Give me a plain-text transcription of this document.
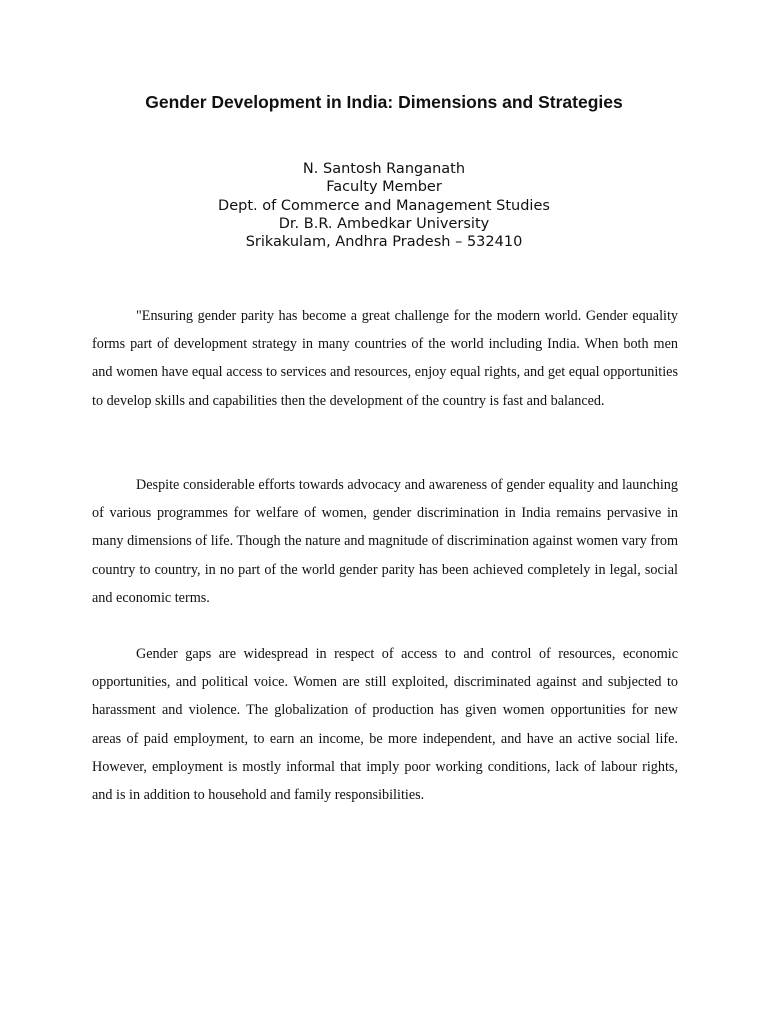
Gender Development in India: Dimensions and Strategies
N. Santosh Ranganath
Faculty Member
Dept. of Commerce and Management Studies
Dr. B.R. Ambedkar University
Srikakulam, Andhra Pradesh – 532410

"Ensuring gender parity has become a great challenge for the modern world. Gender equality forms part of development strategy in many countries of the world including India. When both men and women have equal access to services and resources, enjoy equal rights, and get equal opportunities to develop skills and capabilities then the development of the country is fast and balanced.

Despite considerable efforts towards advocacy and awareness of gender equality and launching of various programmes for welfare of women, gender discrimination in India remains pervasive in many dimensions of life. Though the nature and magnitude of discrimination against women vary from country to country, in no part of the world gender parity has been achieved completely in legal, social and economic terms.

Gender gaps are widespread in respect of access to and control of resources, economic opportunities, and political voice. Women are still exploited, discriminated against and subjected to harassment and violence. The globalization of production has given women opportunities for new areas of paid employment, to earn an income, be more independent, and have an active social life. However, employment is mostly informal that imply poor working conditions, lack of labour rights, and is in addition to household and family responsibilities.
